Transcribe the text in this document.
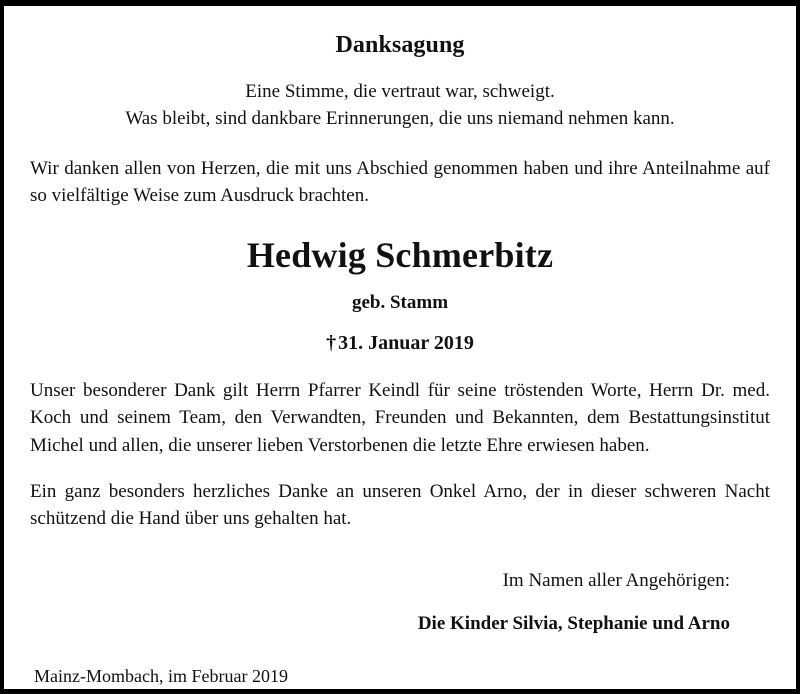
Danksagung
Eine Stimme, die vertraut war, schweigt.
Was bleibt, sind dankbare Erinnerungen, die uns niemand nehmen kann.

Wir danken allen von Herzen, die mit uns Abschied genommen haben und ihre Anteilnahme auf so vielfältige Weise zum Ausdruck brachten.

Hedwig Schmerbitz
geb. Stamm
† 31. Januar 2019

Unser besonderer Dank gilt Herrn Pfarrer Keindl für seine tröstenden Worte, Herrn Dr. med. Koch und seinem Team, den Verwandten, Freunden und Bekannten, dem Bestattungsinstitut Michel und allen, die unserer lieben Verstorbenen die letzte Ehre erwiesen haben.

Ein ganz besonders herzliches Danke an unseren Onkel Arno, der in dieser schweren Nacht schützend die Hand über uns gehalten hat.

Im Namen aller Angehörigen:
Die Kinder Silvia, Stephanie und Arno
Mainz-Mombach, im Februar 2019
